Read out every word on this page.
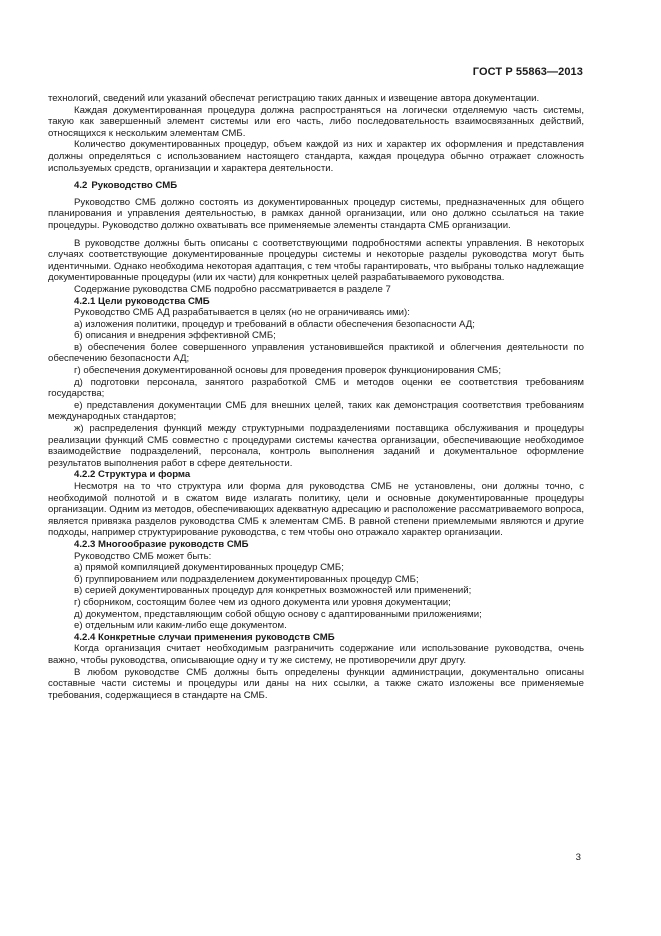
ГОСТ Р 55863—2013

технологий, сведений или указаний обеспечат регистрацию таких данных и извещение автора документации.

Каждая документированная процедура должна распространяться на логически отделяемую часть системы, такую как завершенный элемент системы или его часть, либо последовательность взаимосвязанных действий, относящихся к нескольким элементам СМБ.

Количество документированных процедур, объем каждой из них и характер их оформления и представления должны определяться с использованием настоящего стандарта, каждая процедура обычно отражает сложность используемых средств, организации и характера деятельности.

4.2 Руководство СМБ

Руководство СМБ должно состоять из документированных процедур системы, предназначенных для общего планирования и управления деятельностью, в рамках данной организации, или оно должно ссылаться на такие процедуры. Руководство должно охватывать все применяемые элементы стандарта СМБ организации.

В руководстве должны быть описаны с соответствующими подробностями аспекты управления. В некоторых случаях соответствующие документированные процедуры системы и некоторые разделы руководства могут быть идентичными. Однако необходима некоторая адаптация, с тем чтобы гарантировать, что выбраны только надлежащие документированные процедуры (или их части) для конкретных целей разрабатываемого руководства.

Содержание руководства СМБ подробно рассматривается в разделе 7

4.2.1 Цели руководства СМБ

Руководство СМБ АД разрабатывается в целях (но не ограничиваясь ими):

а) изложения политики, процедур и требований в области обеспечения безопасности АД;

б) описания и внедрения эффективной СМБ;

в) обеспечения более совершенного управления установившейся практикой и облегчения деятельности по обеспечению безопасности АД;

г) обеспечения документированной основы для проведения проверок функционирования СМБ;

д) подготовки персонала, занятого разработкой СМБ и методов оценки ее соответствия требованиям государства;

е) представления документации СМБ для внешних целей, таких как демонстрация соответствия требованиям международных стандартов;

ж) распределения функций между структурными подразделениями поставщика обслуживания и процедуры реализации функций СМБ совместно с процедурами системы качества организации, обеспечивающие необходимое взаимодействие подразделений, персонала, контроль выполнения заданий и документальное оформление результатов выполнения работ в сфере деятельности.

4.2.2 Структура и форма

Несмотря на то что структура или форма для руководства СМБ не установлены, они должны точно, с необходимой полнотой и в сжатом виде излагать политику, цели и основные документированные процедуры организации. Одним из методов, обеспечивающих адекватную адресацию и расположение рассматриваемого вопроса, является привязка разделов руководства СМБ к элементам СМБ. В равной степени приемлемыми являются и другие подходы, например структурирование руководства, с тем чтобы оно отражало характер организации.

4.2.3 Многообразие руководств СМБ

Руководство СМБ может быть:

а) прямой компиляцией документированных процедур СМБ;

б) группированием или подразделением документированных процедур СМБ;

в) серией документированных процедур для конкретных возможностей или применений;

г) сборником, состоящим более чем из одного документа или уровня документации;

д) документом, представляющим собой общую основу с адаптированными приложениями;

е) отдельным или каким-либо еще документом.

4.2.4 Конкретные случаи применения руководств СМБ

Когда организация считает необходимым разграничить содержание или использование руководства, очень важно, чтобы руководства, описывающие одну и ту же систему, не противоречили друг другу.

В любом руководстве СМБ должны быть определены функции администрации, документально описаны составные части системы и процедуры или даны на них ссылки, а также сжато изложены все применяемые требования, содержащиеся в стандарте на СМБ.

3
